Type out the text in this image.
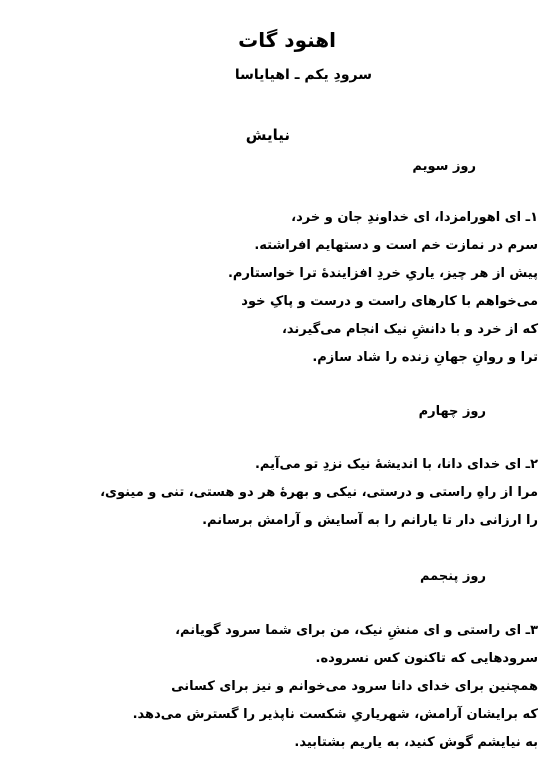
اهنود گات
سرودِ یکم ـ اهیایاسا
نیایش
روز سویم
۱ـ ای اهورامزدا، ای خداوندِ جان و خرد،
سرم در نمازت خم است و دستهایم افراشته.
پیش از هر چیز، یاریِ خردِ افزایندهٔ ترا خواستارم.
می‌خواهم با کارهای راست و درست و پاکِ خود
که از خرد و با دانشِ نیک انجام می‌گیرند،
ترا و روانِ جهانِ زنده را شاد سازم.
روز چهارم
۲ـ ای خدای دانا، با اندیشهٔ نیک نزدِ تو می‌آیم.
مرا از راهِ راستی و درستی، نیکی و بهرهٔ هر دو هستی، تنی و مینوی،
را ارزانی دار تا یارانم را به آسایش و آرامش برسانم.
روز پنجمم
۳ـ ای راستی و ای منشِ نیک، من برای شما سرود گویانم،
سرودهایی که تاکنون کس نسروده.
همچنین برای خدای دانا سرود می‌خوانم و نیز برای کسانی
که برایشان آرامش، شهریاریِ شکست ناپذیر را گسترش می‌دهد.
به نیایشم گوش کنید، به یاریم بشتابید.
